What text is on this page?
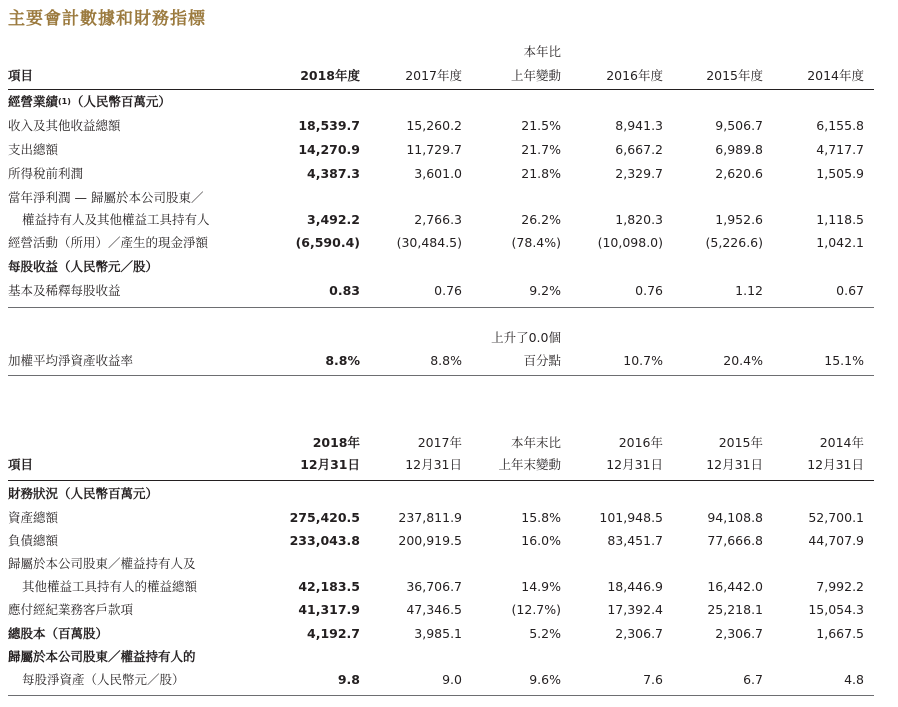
主要會計數據和財務指標
本年比
項目	2018年度	2017年度	上年變動	2016年度	2015年度	2014年度
經營業績$^{(1)}$（人民幣百萬元）
收入及其他收益總額	18,539.7	15,260.2	21.5%	8,941.3	9,506.7	6,155.8
支出總額	14,270.9	11,729.7	21.7%	6,667.2	6,989.8	4,717.7
所得稅前利潤	4,387.3	3,601.0	21.8%	2,329.7	2,620.6	1,505.9
當年淨利潤 — 歸屬於本公司股東／
權益持有人及其他權益工具持有人	3,492.2	2,766.3	26.2%	1,820.3	1,952.6	1,118.5
經營活動（所用）／產生的現金淨額	(6,590.4)	(30,484.5)	(78.4%)	(10,098.0)	(5,226.6)	1,042.1
每股收益（人民幣元／股）
基本及稀釋每股收益	0.83	0.76	9.2%	0.76	1.12	0.67
上升了0.0個
加權平均淨資產收益率	8.8%	8.8%	百分點	10.7%	20.4%	15.1%
2018年	2017年	本年末比	2016年	2015年	2014年
項目	12月31日	12月31日	上年末變動	12月31日	12月31日	12月31日
財務狀況（人民幣百萬元）
資產總額	275,420.5	237,811.9	15.8%	101,948.5	94,108.8	52,700.1
負債總額	233,043.8	200,919.5	16.0%	83,451.7	77,666.8	44,707.9
歸屬於本公司股東／權益持有人及
其他權益工具持有人的權益總額	42,183.5	36,706.7	14.9%	18,446.9	16,442.0	7,992.2
應付經紀業務客戶款項	41,317.9	47,346.5	(12.7%)	17,392.4	25,218.1	15,054.3
總股本（百萬股）	4,192.7	3,985.1	5.2%	2,306.7	2,306.7	1,667.5
歸屬於本公司股東／權益持有人的
每股淨資產（人民幣元／股）	9.8	9.0	9.6%	7.6	6.7	4.8
